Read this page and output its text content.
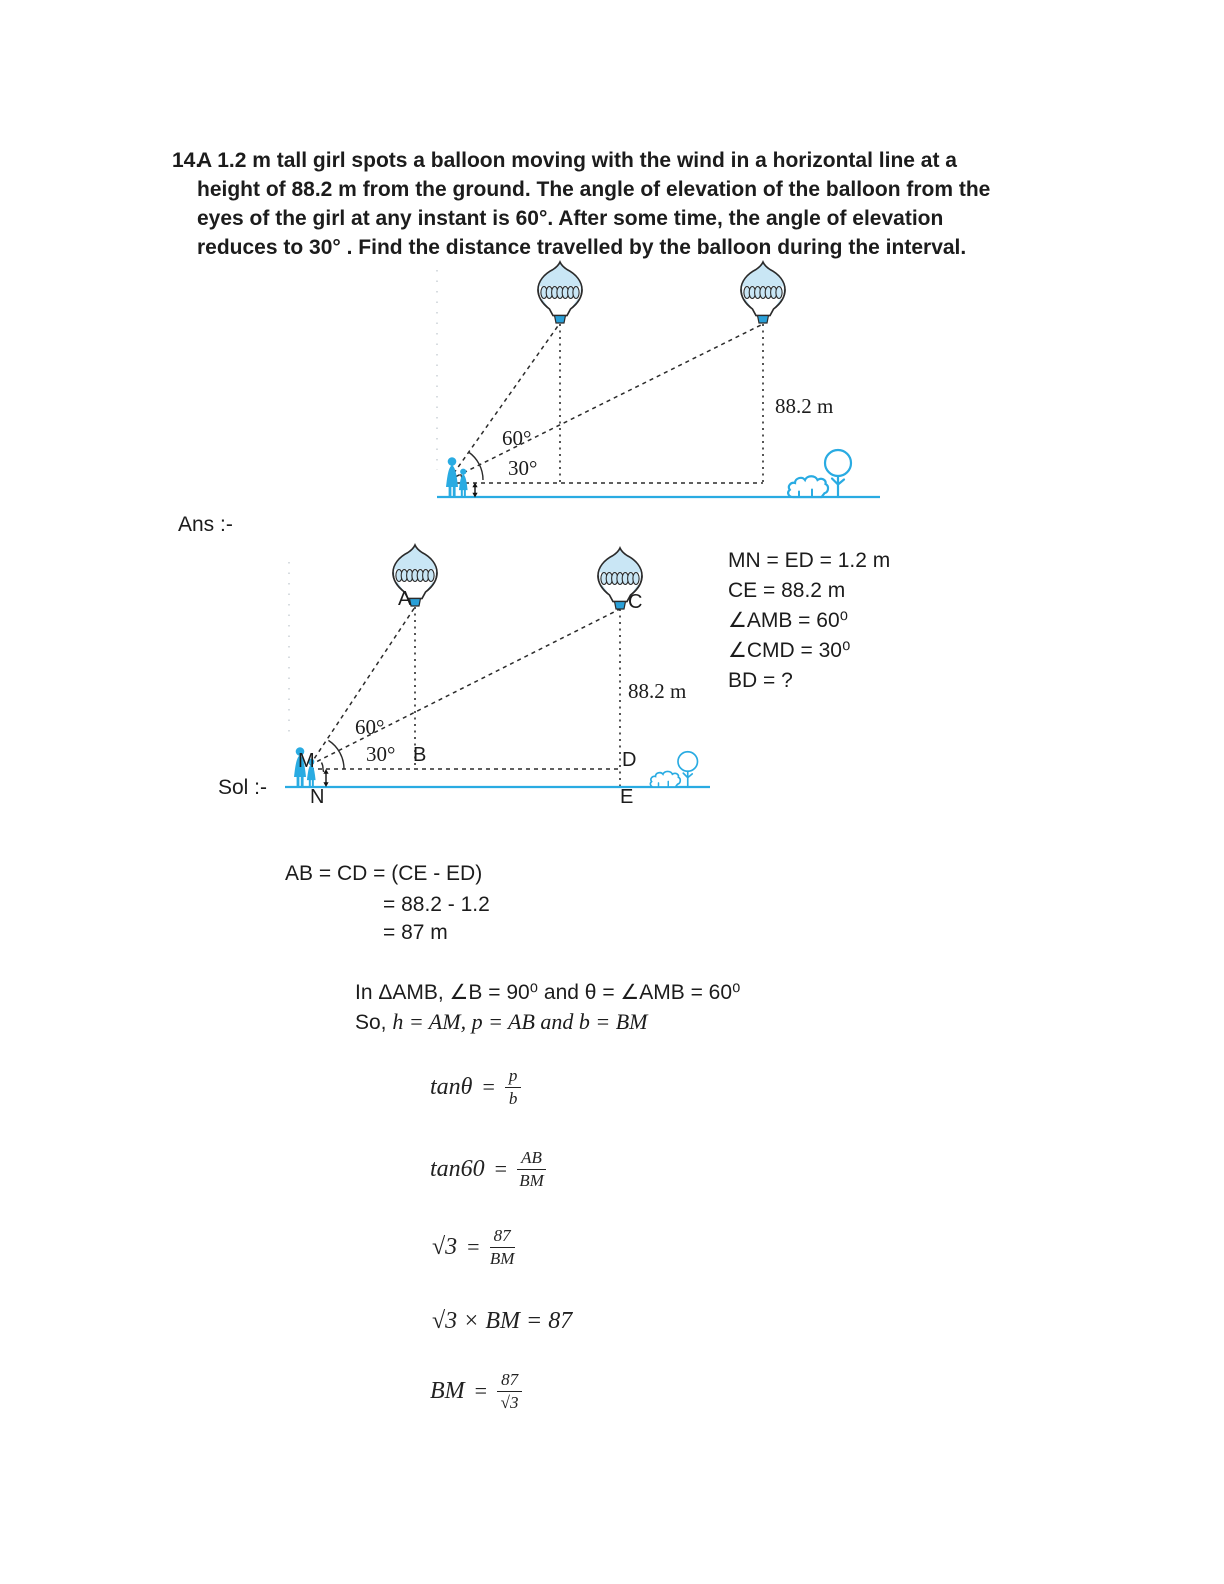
14.A 1.2 m tall girl spots a balloon moving with the wind in a horizontal line at a
height of 88.2 m from the ground. The angle of elevation of the balloon from the
eyes of the girl at any instant is 60°. After some time, the angle of elevation
reduces to 30° . Find the distance travelled by the balloon during the interval.
60°
30°
88.2 m
Ans :-
A	C
B	D
E
M
N
60°
30°
88.2 m
MN = ED = 1.2 m
CE = 88.2 m
∠AMB = 60⁰
∠CMD = 30⁰
BD = ?
Sol :-
AB = CD = (CE - ED)
= 88.2 - 1.2
= 87 m
In ΔAMB, ∠B = 90⁰ and θ = ∠AMB = 60⁰
So, h = AM, p = AB and b = BM
$\tan\theta = \frac{p}{b}$
$\tan 60 = \frac{AB}{BM}$
$√3 = \frac{87}{BM}$
√3 × BM = 87
BM = $\frac{87}{√3}$
